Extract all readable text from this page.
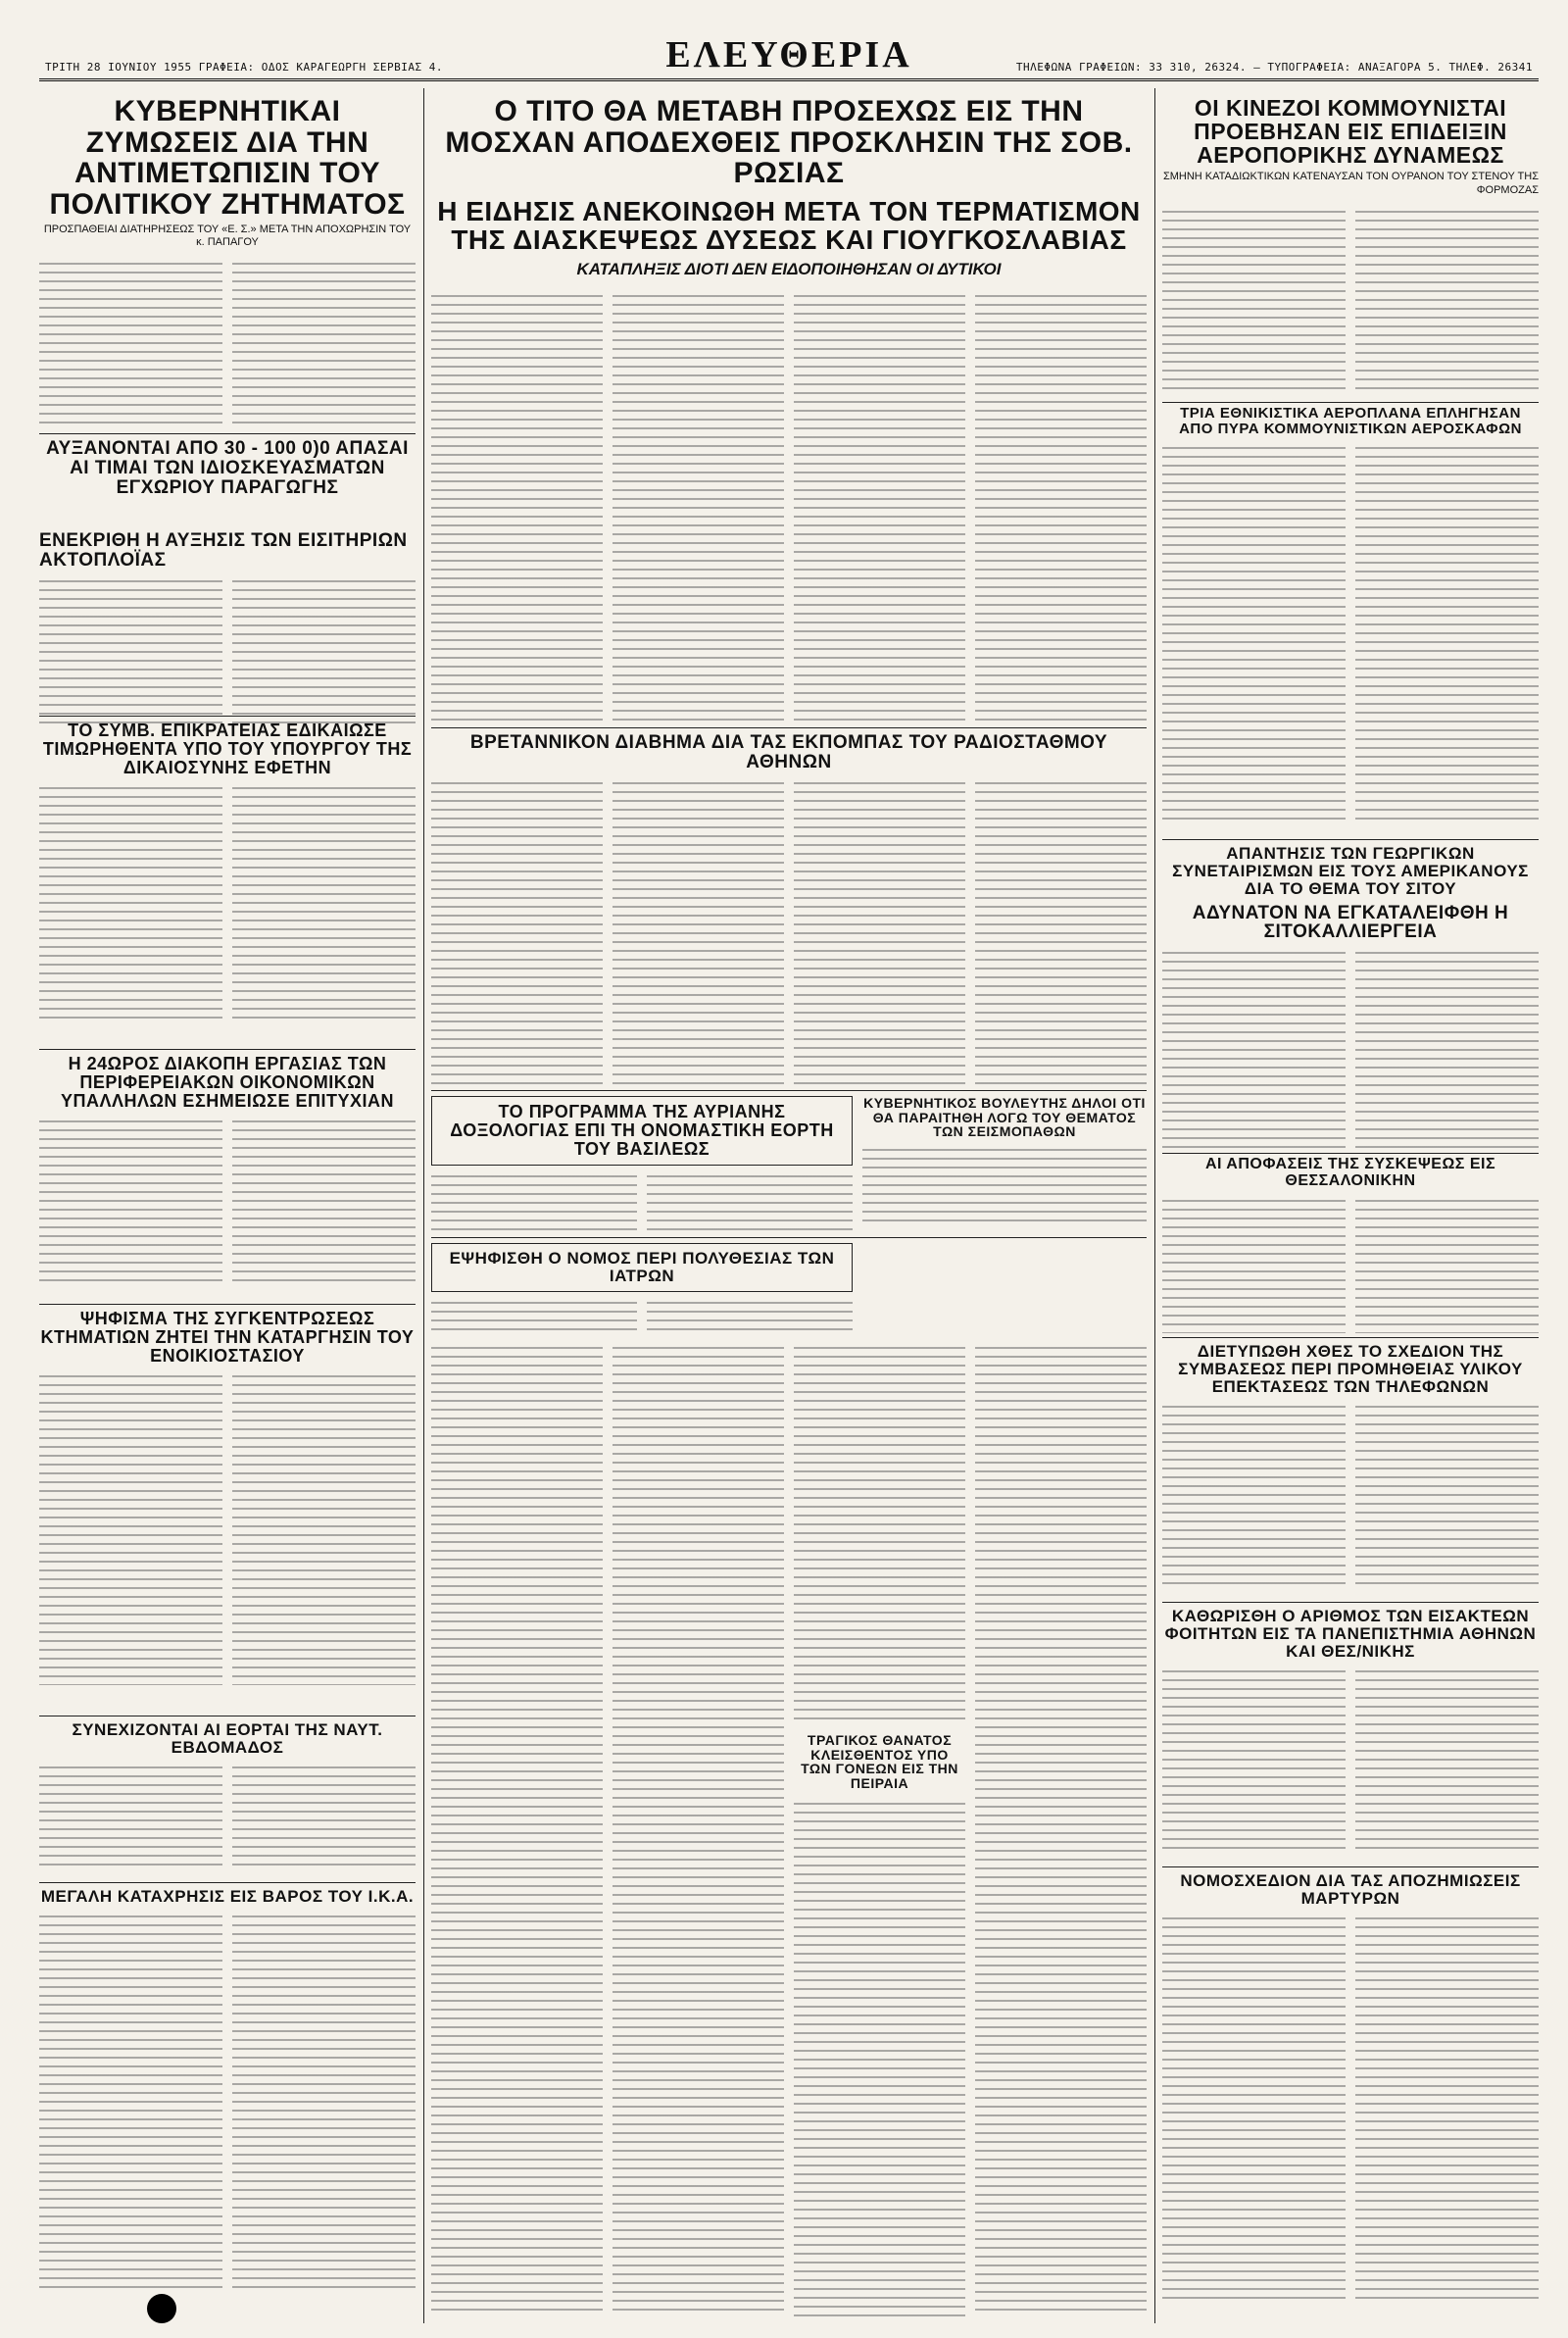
ΤΡΙΤΗ 28 ΙΟΥΝΙΟΥ 1955 ΓΡΑΦΕΙΑ: ΟΔΟΣ ΚΑΡΑΓΕΩΡΓΗ ΣΕΡΒΙΑΣ 4.	ΕΛΕΥΘΕΡΙΑ	ΤΗΛΕΦΩΝΑ ΓΡΑΦΕΙΩΝ: 33 310, 26324. — ΤΥΠΟΓΡΑΦΕΙΑ: ΑΝΑΞΑΓΟΡΑ 5. ΤΗΛΕΦ. 26341
ΚΥΒΕΡΝΗΤΙΚΑΙ ΖΥΜΩΣΕΙΣ ΔΙΑ ΤΗΝ ΑΝΤΙΜΕΤΩΠΙΣΙΝ ΤΟΥ ΠΟΛΙΤΙΚΟΥ ΖΗΤΗΜΑΤΟΣ
ΠΡΟΣΠΑΘΕΙΑΙ ΔΙΑΤΗΡΗΣΕΩΣ ΤΟΥ «Ε. Σ.» ΜΕΤΑ ΤΗΝ ΑΠΟΧΩΡΗΣΙΝ ΤΟΥ κ. ΠΑΠΑΓΟΥ
ΑΥΞΑΝΟΝΤΑΙ ΑΠΟ 30 - 100 0)0 ΑΠΑΣΑΙ ΑΙ ΤΙΜΑΙ ΤΩΝ ΙΔΙΟΣΚΕΥΑΣΜΑΤΩΝ ΕΓΧΩΡΙΟΥ ΠΑΡΑΓΩΓΗΣ
ΕΝΕΚΡΙΘΗ Η ΑΥΞΗΣΙΣ ΤΩΝ ΕΙΣΙΤΗΡΙΩΝ ΑΚΤΟΠΛΟΪΑΣ
ΤΟ ΣΥΜΒ. ΕΠΙΚΡΑΤΕΙΑΣ ΕΔΙΚΑΙΩΣΕ ΤΙΜΩΡΗΘΕΝΤΑ ΥΠΟ ΤΟΥ ΥΠΟΥΡΓΟΥ ΤΗΣ ΔΙΚΑΙΟΣΥΝΗΣ ΕΦΕΤΗΝ
Η 24ΩΡΟΣ ΔΙΑΚΟΠΗ ΕΡΓΑΣΙΑΣ ΤΩΝ ΠΕΡΙΦΕΡΕΙΑΚΩΝ ΟΙΚΟΝΟΜΙΚΩΝ ΥΠΑΛΛΗΛΩΝ ΕΣΗΜΕΙΩΣΕ ΕΠΙΤΥΧΙΑΝ
ΨΗΦΙΣΜΑ ΤΗΣ ΣΥΓΚΕΝΤΡΩΣΕΩΣ ΚΤΗΜΑΤΙΩΝ ΖΗΤΕΙ ΤΗΝ ΚΑΤΑΡΓΗΣΙΝ ΤΟΥ ΕΝΟΙΚΙΟΣΤΑΣΙΟΥ
ΣΥΝΕΧΙΖΟΝΤΑΙ ΑΙ ΕΟΡΤΑΙ ΤΗΣ ΝΑΥΤ. ΕΒΔΟΜΑΔΟΣ
ΜΕΓΑΛΗ ΚΑΤΑΧΡΗΣΙΣ ΕΙΣ ΒΑΡΟΣ ΤΟΥ Ι.Κ.Α.
Ο ΤΙΤΟ ΘΑ ΜΕΤΑΒΗ ΠΡΟΣΕΧΩΣ ΕΙΣ ΤΗΝ ΜΟΣΧΑΝ ΑΠΟΔΕΧΘΕΙΣ ΠΡΟΣΚΛΗΣΙΝ ΤΗΣ ΣΟΒ. ΡΩΣΙΑΣ
Η ΕΙΔΗΣΙΣ ΑΝΕΚΟΙΝΩΘΗ ΜΕΤΑ ΤΟΝ ΤΕΡΜΑΤΙΣΜΟΝ ΤΗΣ ΔΙΑΣΚΕΨΕΩΣ ΔΥΣΕΩΣ ΚΑΙ ΓΙΟΥΓΚΟΣΛΑΒΙΑΣ
ΚΑΤΑΠΛΗΞΙΣ ΔΙΟΤΙ ΔΕΝ ΕΙΔΟΠΟΙΗΘΗΣΑΝ ΟΙ ΔΥΤΙΚΟΙ
ΒΡΕΤΑΝΝΙΚΟΝ ΔΙΑΒΗΜΑ ΔΙΑ ΤΑΣ ΕΚΠΟΜΠΑΣ ΤΟΥ ΡΑΔΙΟΣΤΑΘΜΟΥ ΑΘΗΝΩΝ
ΤΟ ΠΡΟΓΡΑΜΜΑ ΤΗΣ ΑΥΡΙΑΝΗΣ ΔΟΞΟΛΟΓΙΑΣ ΕΠΙ ΤΗ ΟΝΟΜΑΣΤΙΚΗ ΕΟΡΤΗ ΤΟΥ ΒΑΣΙΛΕΩΣ
ΚΥΒΕΡΝΗΤΙΚΟΣ ΒΟΥΛΕΥΤΗΣ ΔΗΛΟΙ ΟΤΙ ΘΑ ΠΑΡΑΙΤΗΘΗ ΛΟΓΩ ΤΟΥ ΘΕΜΑΤΟΣ ΤΩΝ ΣΕΙΣΜΟΠΑΘΩΝ
ΕΨΗΦΙΣΘΗ Ο ΝΟΜΟΣ ΠΕΡΙ ΠΟΛΥΘΕΣΙΑΣ ΤΩΝ ΙΑΤΡΩΝ
ΤΡΑΓΙΚΟΣ ΘΑΝΑΤΟΣ ΚΛΕΙΣΘΕΝΤΟΣ ΥΠΟ ΤΩΝ ΓΟΝΕΩΝ ΕΙΣ ΤΗΝ ΠΕΙΡΑΙΑ
ΟΙ ΚΙΝΕΖΟΙ ΚΟΜΜΟΥΝΙΣΤΑΙ ΠΡΟΕΒΗΣΑΝ ΕΙΣ ΕΠΙΔΕΙΞΙΝ ΑΕΡΟΠΟΡΙΚΗΣ ΔΥΝΑΜΕΩΣ
ΣΜΗΝΗ ΚΑΤΑΔΙΩΚΤΙΚΩΝ ΚΑΤΕΝΑΥΣΑΝ ΤΟΝ ΟΥΡΑΝΟΝ ΤΟΥ ΣΤΕΝΟΥ ΤΗΣ ΦΟΡΜΟΖΑΣ
ΤΡΙΑ ΕΘΝΙΚΙΣΤΙΚΑ ΑΕΡΟΠΛΑΝΑ ΕΠΛΗΓΗΣΑΝ ΑΠΟ ΠΥΡΑ ΚΟΜΜΟΥΝΙΣΤΙΚΩΝ ΑΕΡΟΣΚΑΦΩΝ
ΑΠΑΝΤΗΣΙΣ ΤΩΝ ΓΕΩΡΓΙΚΩΝ ΣΥΝΕΤΑΙΡΙΣΜΩΝ ΕΙΣ ΤΟΥΣ ΑΜΕΡΙΚΑΝΟΥΣ ΔΙΑ ΤΟ ΘΕΜΑ ΤΟΥ ΣΙΤΟΥ
ΑΔΥΝΑΤΟΝ ΝΑ ΕΓΚΑΤΑΛΕΙΦΘΗ Η ΣΙΤΟΚΑΛΛΙΕΡΓΕΙΑ
ΑΙ ΑΠΟΦΑΣΕΙΣ ΤΗΣ ΣΥΣΚΕΨΕΩΣ ΕΙΣ ΘΕΣΣΑΛΟΝΙΚΗΝ
ΔΙΕΤΥΠΩΘΗ ΧΘΕΣ ΤΟ ΣΧΕΔΙΟΝ ΤΗΣ ΣΥΜΒΑΣΕΩΣ ΠΕΡΙ ΠΡΟΜΗΘΕΙΑΣ ΥΛΙΚΟΥ ΕΠΕΚΤΑΣΕΩΣ ΤΩΝ ΤΗΛΕΦΩΝΩΝ
ΚΑΘΩΡΙΣΘΗ Ο ΑΡΙΘΜΟΣ ΤΩΝ ΕΙΣΑΚΤΕΩΝ ΦΟΙΤΗΤΩΝ ΕΙΣ ΤΑ ΠΑΝΕΠΙΣΤΗΜΙΑ ΑΘΗΝΩΝ ΚΑΙ ΘΕΣ/ΝΙΚΗΣ
ΝΟΜΟΣΧΕΔΙΟΝ ΔΙΑ ΤΑΣ ΑΠΟΖΗΜΙΩΣΕΙΣ ΜΑΡΤΥΡΩΝ
